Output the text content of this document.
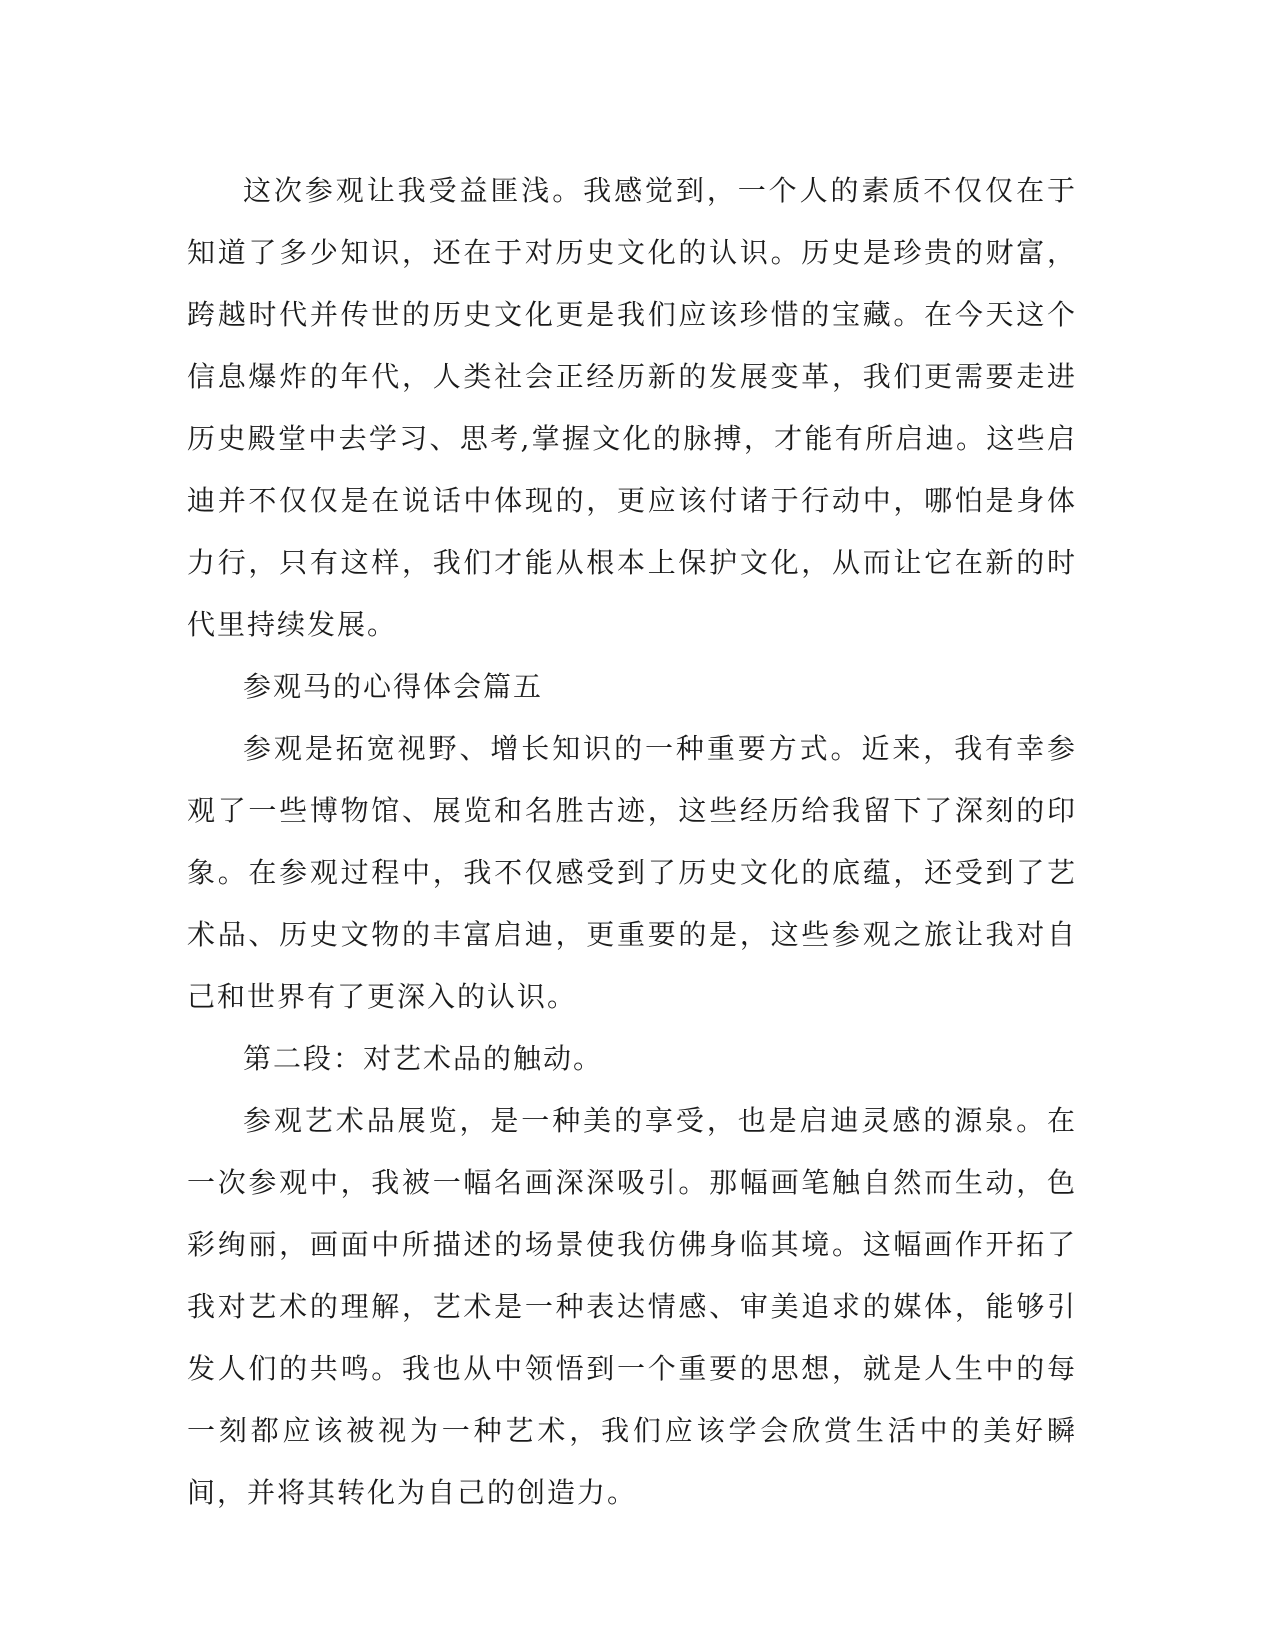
这次参观让我受益匪浅。我感觉到，一个人的素质不仅仅在于知道了多少知识，还在于对历史文化的认识。历史是珍贵的财富，跨越时代并传世的历史文化更是我们应该珍惜的宝藏。在今天这个信息爆炸的年代，人类社会正经历新的发展变革，我们更需要走进历史殿堂中去学习、思考,掌握文化的脉搏，才能有所启迪。这些启迪并不仅仅是在说话中体现的，更应该付诸于行动中，哪怕是身体力行，只有这样，我们才能从根本上保护文化，从而让它在新的时代里持续发展。

参观马的心得体会篇五

参观是拓宽视野、增长知识的一种重要方式。近来，我有幸参观了一些博物馆、展览和名胜古迹，这些经历给我留下了深刻的印象。在参观过程中，我不仅感受到了历史文化的底蕴，还受到了艺术品、历史文物的丰富启迪，更重要的是，这些参观之旅让我对自己和世界有了更深入的认识。

第二段：对艺术品的触动。

参观艺术品展览，是一种美的享受，也是启迪灵感的源泉。在一次参观中，我被一幅名画深深吸引。那幅画笔触自然而生动，色彩绚丽，画面中所描述的场景使我仿佛身临其境。这幅画作开拓了我对艺术的理解，艺术是一种表达情感、审美追求的媒体，能够引发人们的共鸣。我也从中领悟到一个重要的思想，就是人生中的每一刻都应该被视为一种艺术，我们应该学会欣赏生活中的美好瞬间，并将其转化为自己的创造力。
